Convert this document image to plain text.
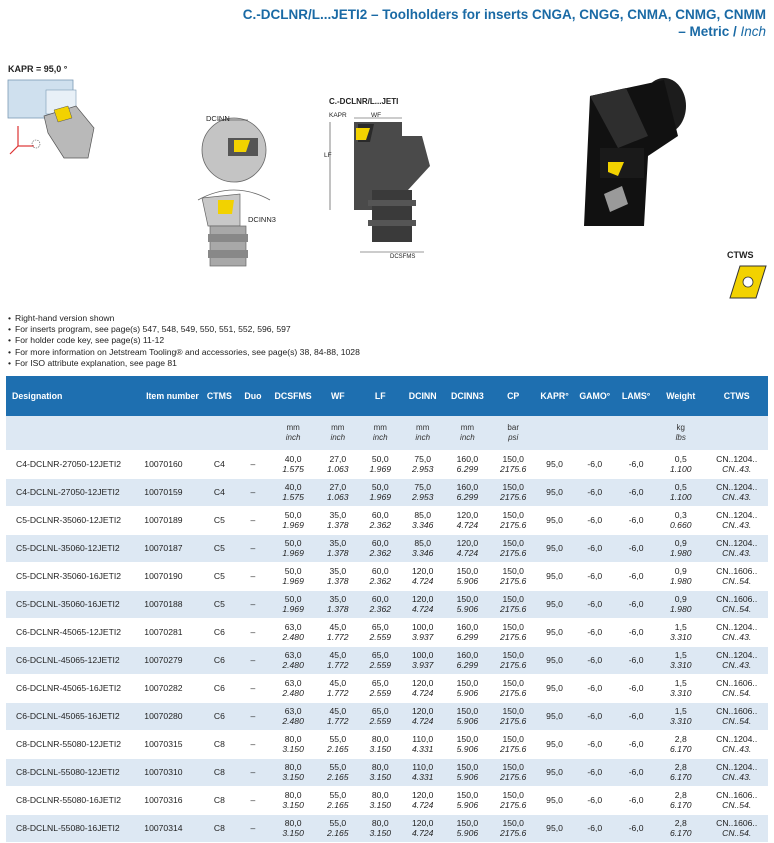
C.-DCLNR/L...JETI2 – Toolholders for inserts CNGA, CNGG, CNMA, CNMG, CNMM
– Metric / Inch
KAPR = 95,0 °
DCINN
DCINN3
C.-DCLNR/L...JETI
KAPR	WF
LF
DCSFMS	CTWS
• Right-hand version shown
• For inserts program, see page(s) 547, 548, 549, 550, 551, 552, 596, 597
• For holder code key, see page(s) 11-12
• For more information on Jetstream Tooling® and accessories, see page(s) 38, 84-88, 1028
• For ISO attribute explanation, see page 81
Designation	Item number	CTMS	Duo	DCSFMS	WF	LF	DCINN	DCINN3	CP	KAPR°	GAMO°	LAMS°	Weight	CTWS

				mm
inch	mm
inch	mm
inch	mm
inch	mm
inch	bar
psi				kg
lbs	

C4-DCLNR-27050-12JETI2	10070160	C4	–	40,0
1.575	27,0
1.063	50,0
1.969	75,0
2.953	160,0
6.299	150,0
2175.6	95,0	-6,0	-6,0	0,5
1.100	CN..1204..
CN..43.

C4-DCLNL-27050-12JETI2	10070159	C4	–	40,0
1.575	27,0
1.063	50,0
1.969	75,0
2.953	160,0
6.299	150,0
2175.6	95,0	-6,0	-6,0	0,5
1.100	CN..1204..
CN..43.

C5-DCLNR-35060-12JETI2	10070189	C5	–	50,0
1.969	35,0
1.378	60,0
2.362	85,0
3.346	120,0
4.724	150,0
2175.6	95,0	-6,0	-6,0	0,3
0.660	CN..1204..
CN..43.

C5-DCLNL-35060-12JETI2	10070187	C5	–	50,0
1.969	35,0
1.378	60,0
2.362	85,0
3.346	120,0
4.724	150,0
2175.6	95,0	-6,0	-6,0	0,9
1.980	CN..1204..
CN..43.

C5-DCLNR-35060-16JETI2	10070190	C5	–	50,0
1.969	35,0
1.378	60,0
2.362	120,0
4.724	150,0
5.906	150,0
2175.6	95,0	-6,0	-6,0	0,9
1.980	CN..1606..
CN..54.

C5-DCLNL-35060-16JETI2	10070188	C5	–	50,0
1.969	35,0
1.378	60,0
2.362	120,0
4.724	150,0
5.906	150,0
2175.6	95,0	-6,0	-6,0	0,9
1.980	CN..1606..
CN..54.

C6-DCLNR-45065-12JETI2	10070281	C6	–	63,0
2.480	45,0
1.772	65,0
2.559	100,0
3.937	160,0
6.299	150,0
2175.6	95,0	-6,0	-6,0	1,5
3.310	CN..1204..
CN..43.

C6-DCLNL-45065-12JETI2	10070279	C6	–	63,0
2.480	45,0
1.772	65,0
2.559	100,0
3.937	160,0
6.299	150,0
2175.6	95,0	-6,0	-6,0	1,5
3.310	CN..1204..
CN..43.

C6-DCLNR-45065-16JETI2	10070282	C6	–	63,0
2.480	45,0
1.772	65,0
2.559	120,0
4.724	150,0
5.906	150,0
2175.6	95,0	-6,0	-6,0	1,5
3.310	CN..1606..
CN..54.

C6-DCLNL-45065-16JETI2	10070280	C6	–	63,0
2.480	45,0
1.772	65,0
2.559	120,0
4.724	150,0
5.906	150,0
2175.6	95,0	-6,0	-6,0	1,5
3.310	CN..1606..
CN..54.

C8-DCLNR-55080-12JETI2	10070315	C8	–	80,0
3.150	55,0
2.165	80,0
3.150	110,0
4.331	150,0
5.906	150,0
2175.6	95,0	-6,0	-6,0	2,8
6.170	CN..1204..
CN..43.

C8-DCLNL-55080-12JETI2	10070310	C8	–	80,0
3.150	55,0
2.165	80,0
3.150	110,0
4.331	150,0
5.906	150,0
2175.6	95,0	-6,0	-6,0	2,8
6.170	CN..1204..
CN..43.

C8-DCLNR-55080-16JETI2	10070316	C8	–	80,0
3.150	55,0
2.165	80,0
3.150	120,0
4.724	150,0
5.906	150,0
2175.6	95,0	-6,0	-6,0	2,8
6.170	CN..1606..
CN..54.

C8-DCLNL-55080-16JETI2	10070314	C8	–	80,0
3.150	55,0
2.165	80,0
3.150	120,0
4.724	150,0
5.906	150,0
2175.6	95,0	-6,0	-6,0	2,8
6.170	CN..1606..
CN..54.
